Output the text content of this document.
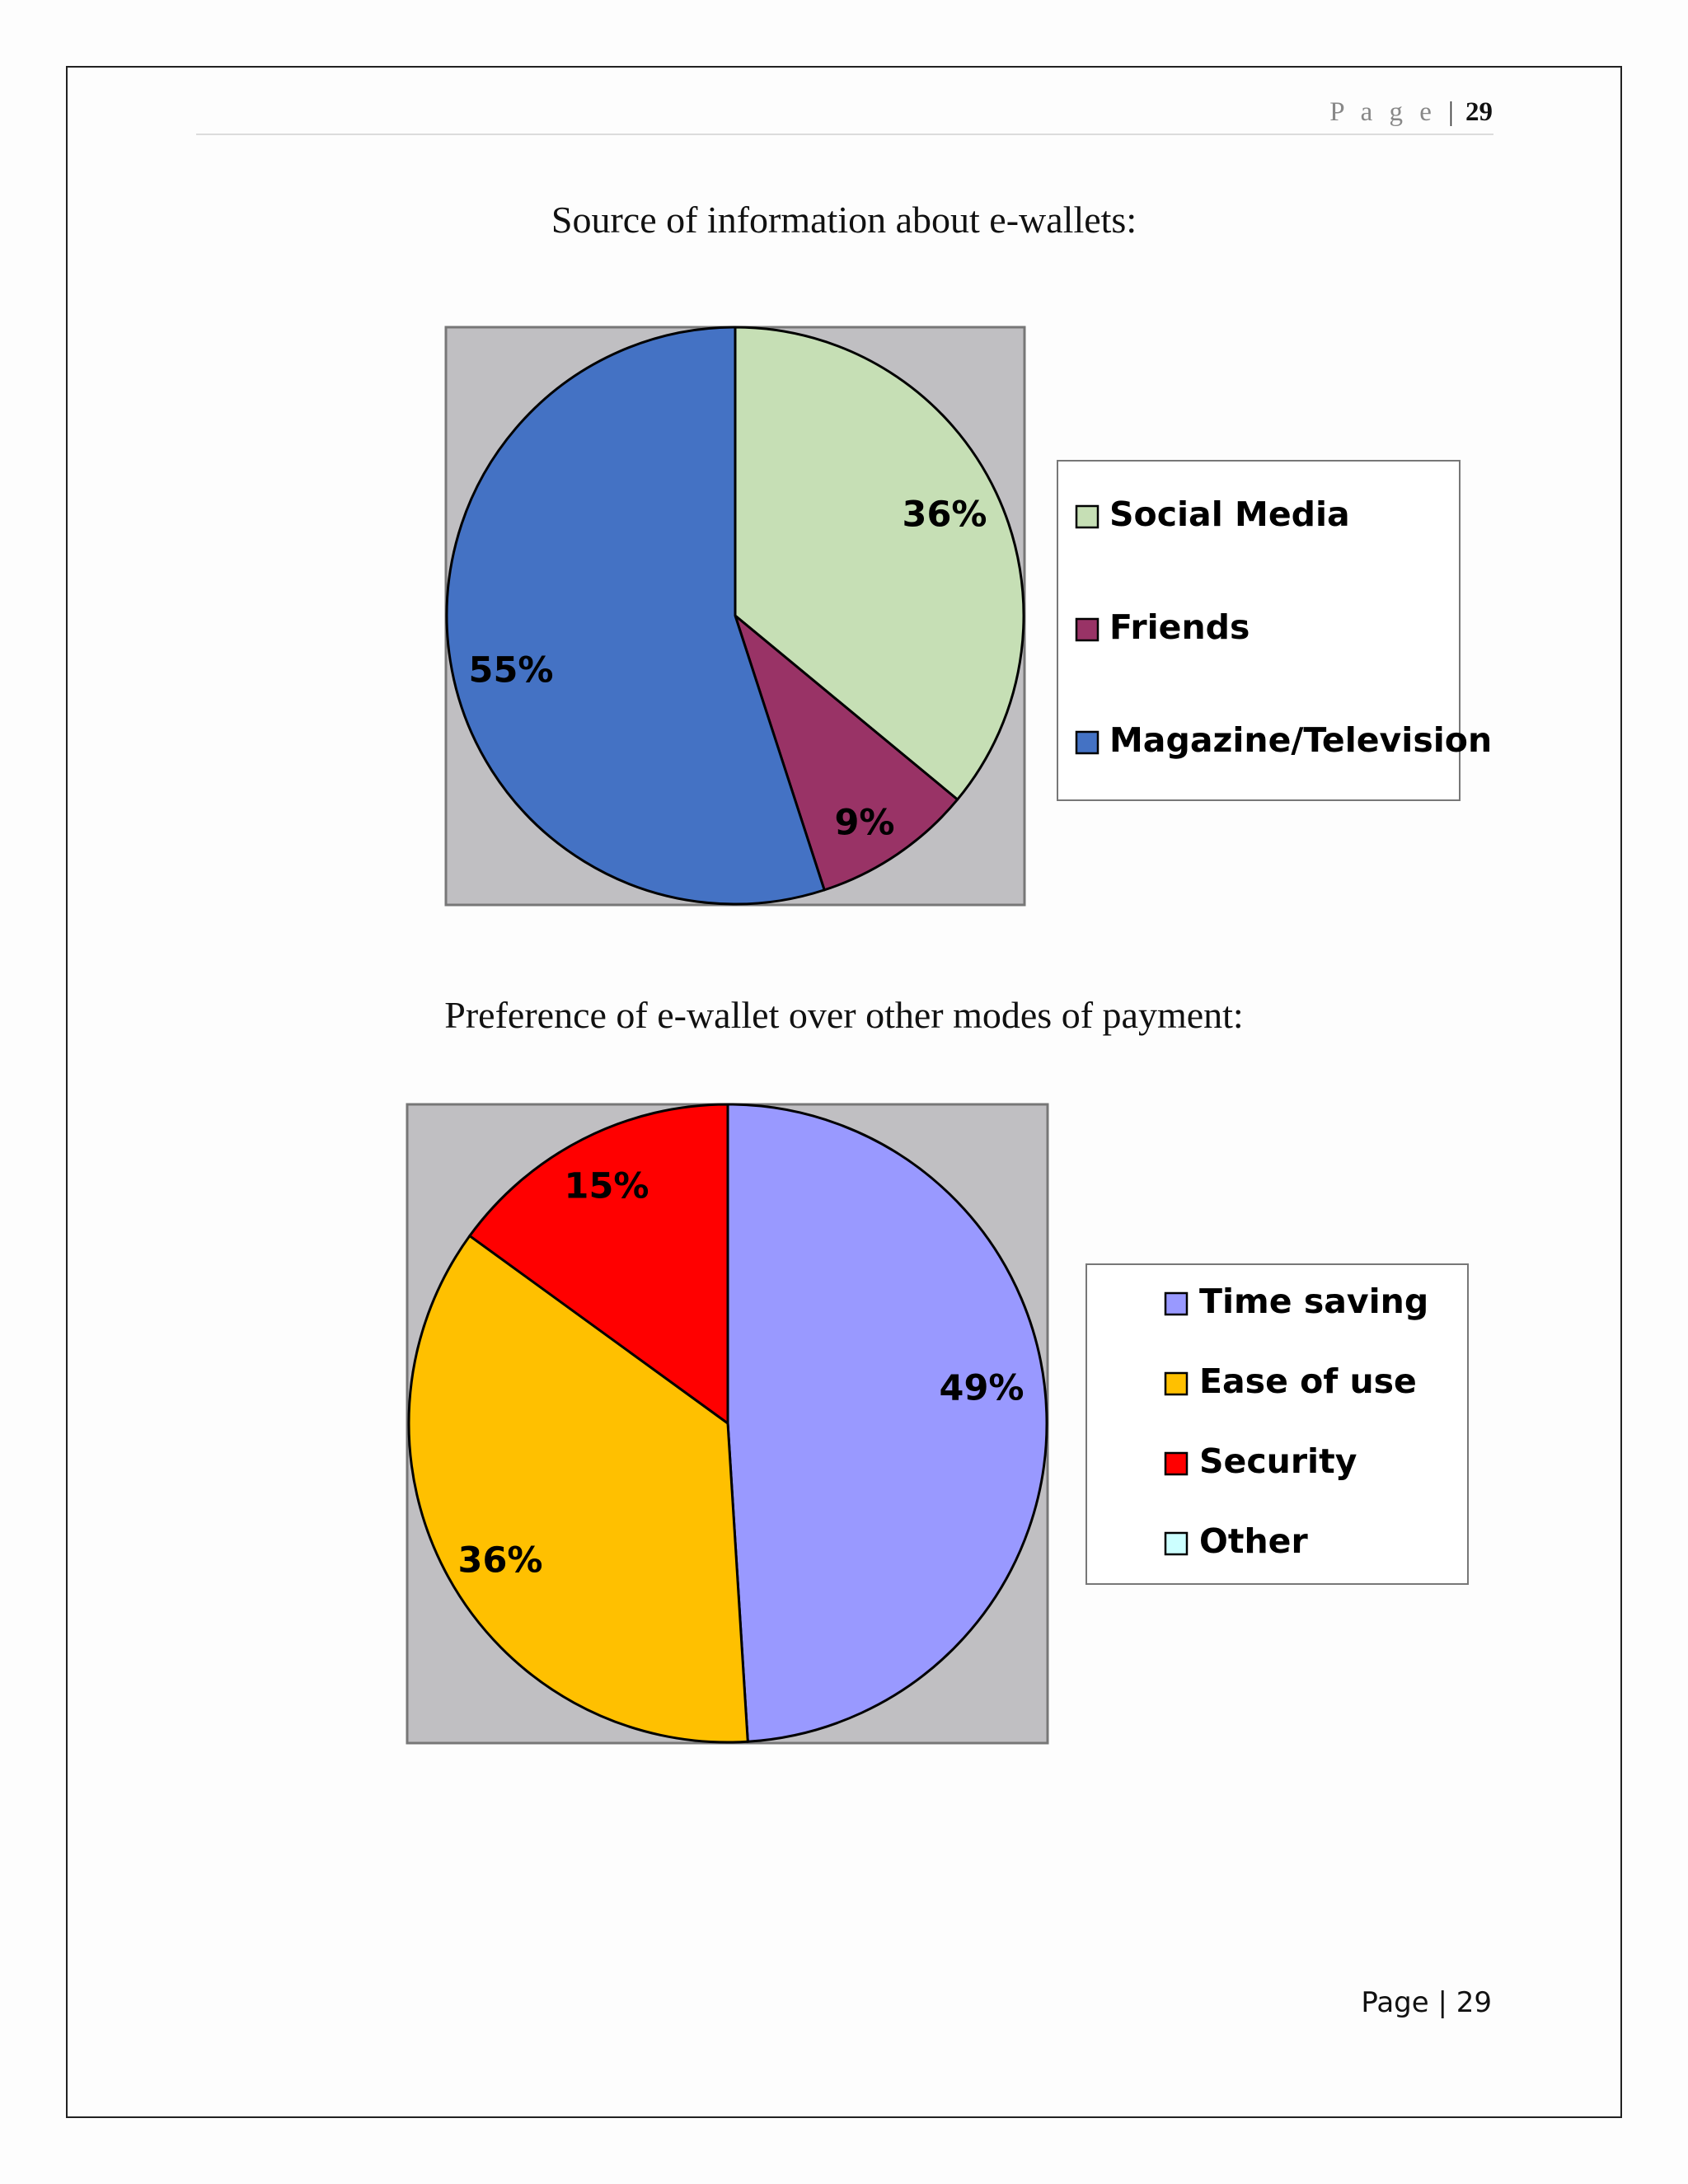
P a g e | 29
Source of information about e-wallets:
Preference of e-wallet over other modes of payment:
36%
9%
55%
Social Media
Friends
Magazine/Television
49%
36%
15%
Time saving
Ease of use
Security
Other
Page | 29
